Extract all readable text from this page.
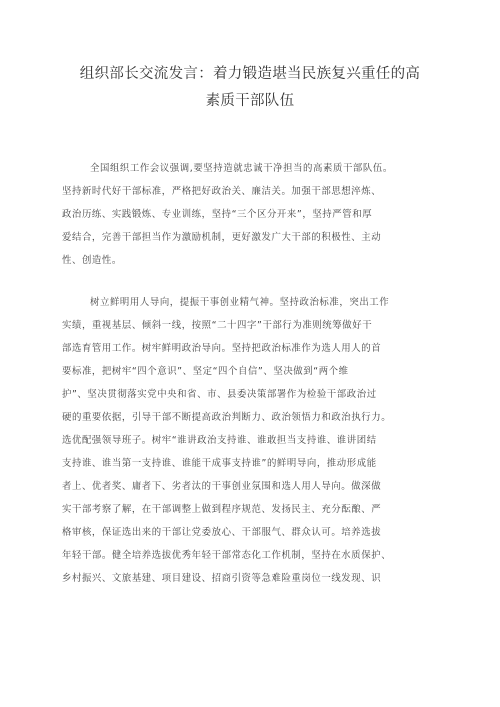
组织部长交流发言：着力锻造堪当民族复兴重任的高
素质干部队伍
全国组织工作会议强调,要坚持造就忠诚干净担当的高素质干部队伍。
坚持新时代好干部标准，严格把好政治关、廉洁关。加强干部思想淬炼、
政治历练、实践锻炼、专业训练，坚持“三个区分开来”，坚持严管和厚
爱结合，完善干部担当作为激励机制，更好激发广大干部的积极性、主动
性、创造性。
树立鲜明用人导向，提振干事创业精气神。坚持政治标准，突出工作
实绩，重视基层、倾斜一线，按照“二十四字”干部行为准则统筹做好干
部选育管用工作。树牢鲜明政治导向。坚持把政治标准作为选人用人的首
要标准，把树牢“四个意识”、坚定“四个自信”、坚决做到“两个维
护”、坚决贯彻落实党中央和省、市、县委决策部署作为检验干部政治过
硬的重要依据，引导干部不断提高政治判断力、政治领悟力和政治执行力。
选优配强领导班子。树牢“谁讲政治支持谁、谁敢担当支持谁、谁讲团结
支持谁、谁当第一支持谁、谁能干成事支持谁”的鲜明导向，推动形成能
者上、优者奖、庸者下、劣者汰的干事创业氛围和选人用人导向。做深做
实干部考察了解，在干部调整上做到程序规范、发扬民主、充分酝酿、严
格审核，保证选出来的干部让党委放心、干部服气、群众认可。培养选拔
年轻干部。健全培养选拔优秀年轻干部常态化工作机制，坚持在水质保护、
乡村振兴、文旅基建、项目建设、招商引资等急难险重岗位一线发现、识
